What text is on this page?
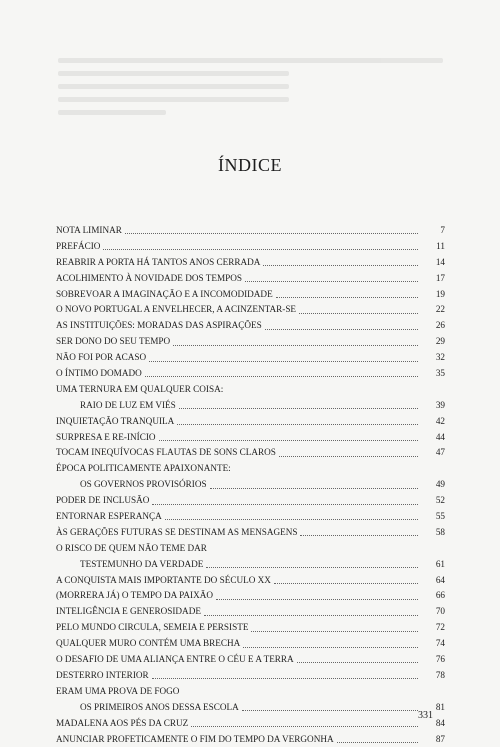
ÍNDICE
NOTA LIMINAR	7
PREFÁCIO	11
REABRIR A PORTA HÁ TANTOS ANOS CERRADA	14
ACOLHIMENTO À NOVIDADE DOS TEMPOS	17
SOBREVOAR A IMAGINAÇÃO E A INCOMODIDADE	19
O NOVO PORTUGAL A ENVELHECER, A ACINZENTAR-SE	22
AS INSTITUIÇÕES: MORADAS DAS ASPIRAÇÕES	26
SER DONO DO SEU TEMPO	29
NÃO FOI POR ACASO	32
O ÍNTIMO DOMADO	35
UMA TERNURA EM QUALQUER COISA:
RAIO DE LUZ EM VIÉS	39
INQUIETAÇÃO TRANQUILA	42
SURPRESA E RE-INÍCIO	44
TOCAM INEQUÍVOCAS FLAUTAS DE SONS CLAROS	47
ÉPOCA POLITICAMENTE APAIXONANTE:
OS GOVERNOS PROVISÓRIOS	49
PODER DE INCLUSÃO	52
ENTORNAR ESPERANÇA	55
ÀS GERAÇÕES FUTURAS SE DESTINAM AS MENSAGENS	58
O RISCO DE QUEM NÃO TEME DAR
TESTEMUNHO DA VERDADE	61
A CONQUISTA MAIS IMPORTANTE DO SÉCULO XX	64
(MORRERA JÁ) O TEMPO DA PAIXÃO	66
INTELIGÊNCIA E GENEROSIDADE	70
PELO MUNDO CIRCULA, SEMEIA E PERSISTE	72
QUALQUER MURO CONTÉM UMA BRECHA	74
O DESAFIO DE UMA ALIANÇA ENTRE O CÉU E A TERRA	76
DESTERRO INTERIOR	78
ERAM UMA PROVA DE FOGO
OS PRIMEIROS ANOS DESSA ESCOLA	81
MADALENA AOS PÉS DA CRUZ	84
ANUNCIAR PROFETICAMENTE O FIM DO TEMPO DA VERGONHA	87
331
